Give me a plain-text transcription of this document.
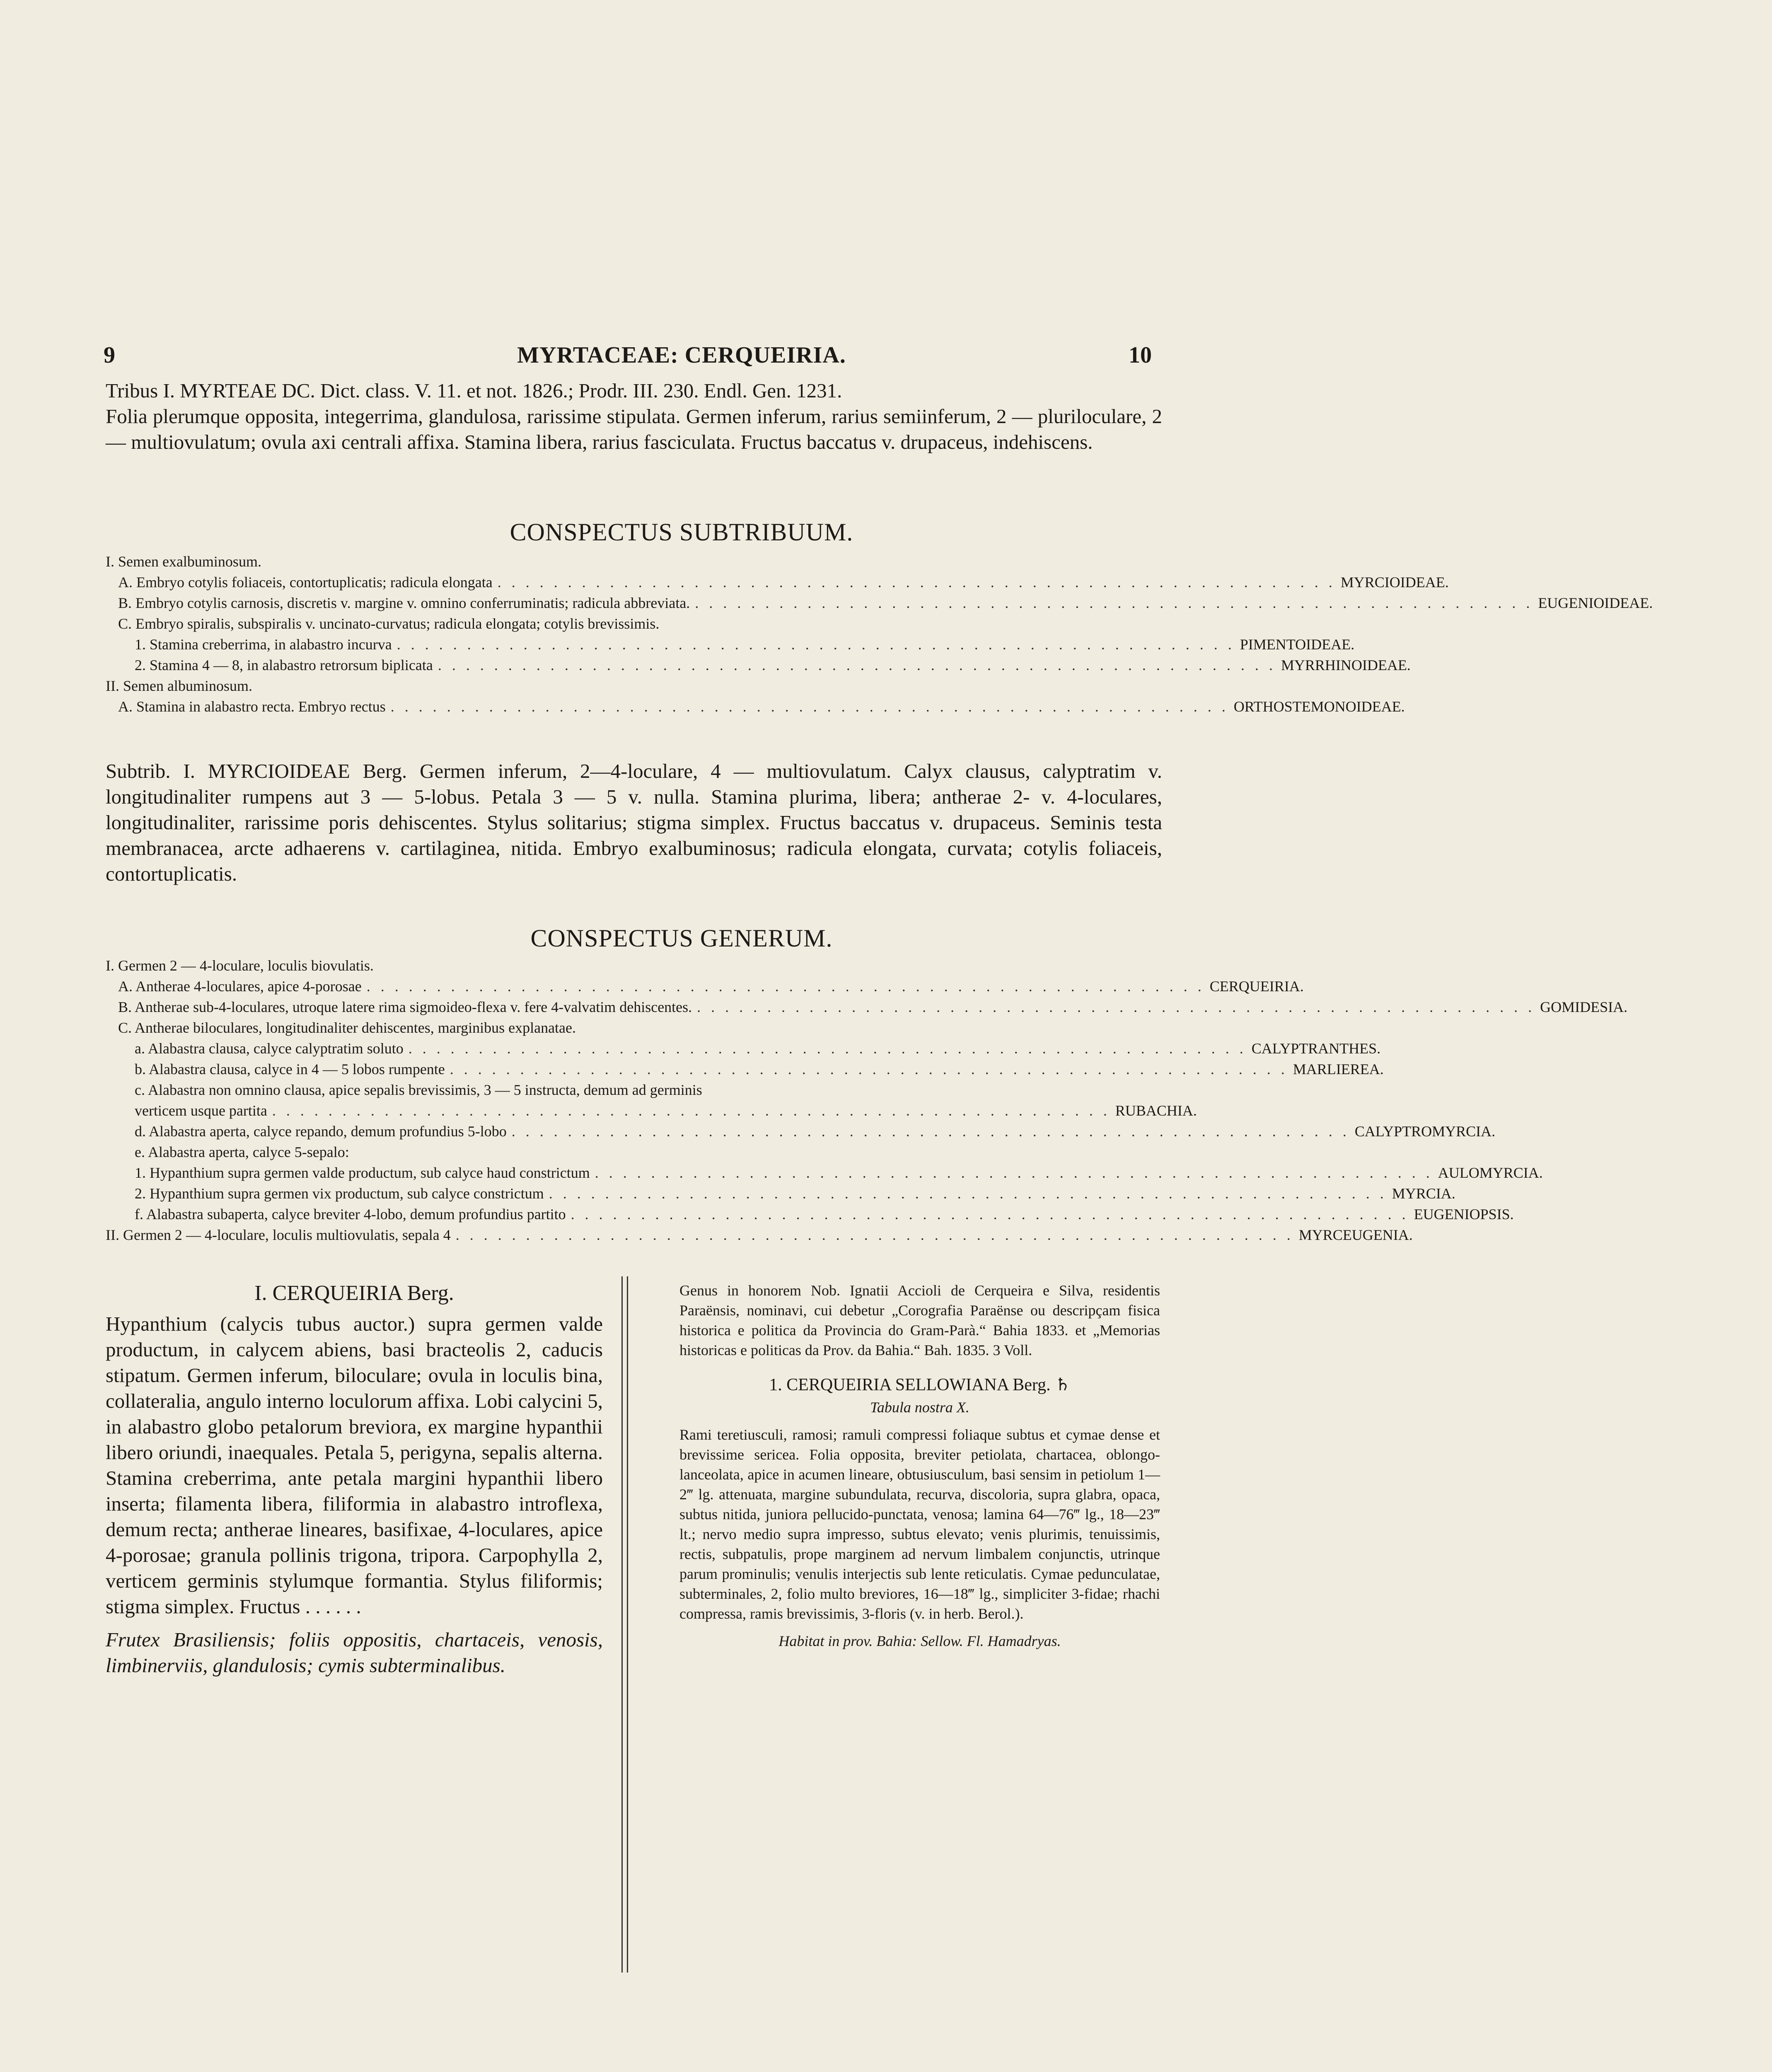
9	MYRTACEAE: CERQUEIRIA.	10
Tribus I. MYRTEAE DC. Dict. class. V. 11. et not. 1826.; Prodr. III. 230. Endl. Gen. 1231.
Folia plerumque opposita, integerrima, glandulosa, rarissime stipulata. Germen inferum, rarius semiinferum, 2 — pluriloculare, 2 — multiovulatum; ovula axi centrali affixa. Stamina libera, rarius fasciculata. Fructus baccatus v. drupaceus, indehiscens.
CONSPECTUS SUBTRIBUUM.
I. Semen exalbuminosum.
A. Embryo cotylis foliaceis, contortuplicatis; radicula elongata . . . . . . . . . . . . . . . . . . . . . . . . . . . . . . . . . . . . . . . . . . . . . . . . . . . . . . . . . . . . MYRCIOIDEAE.
B. Embryo cotylis carnosis, discretis v. margine v. omnino conferruminatis; radicula abbreviata. . . . . . . . . . . . . . . . . . . . . . . . . . . . . . . . . . . . . . . . . . . . . . . . . . . . . . . . . . . . . EUGENIOIDEAE.
C. Embryo spiralis, subspiralis v. uncinato-curvatus; radicula elongata; cotylis brevissimis.
1. Stamina creberrima, in alabastro incurva . . . . . . . . . . . . . . . . . . . . . . . . . . . . . . . . . . . . . . . . . . . . . . . . . . . . . . . . . . . . PIMENTOIDEAE.
2. Stamina 4 — 8, in alabastro retrorsum biplicata . . . . . . . . . . . . . . . . . . . . . . . . . . . . . . . . . . . . . . . . . . . . . . . . . . . . . . . . . . . . MYRRHINOIDEAE.
II. Semen albuminosum.
A. Stamina in alabastro recta. Embryo rectus . . . . . . . . . . . . . . . . . . . . . . . . . . . . . . . . . . . . . . . . . . . . . . . . . . . . . . . . . . . . ORTHOSTEMONOIDEAE.
Subtrib. I. MYRCIOIDEAE Berg. Germen inferum, 2—4-loculare, 4 — multiovulatum. Calyx clausus, calyptratim v. longitudinaliter rumpens aut 3 — 5-lobus. Petala 3 — 5 v. nulla. Stamina plurima, libera; antherae 2- v. 4-loculares, longitudinaliter, rarissime poris dehiscentes. Stylus solitarius; stigma simplex. Fructus baccatus v. drupaceus. Seminis testa membranacea, arcte adhaerens v. cartilaginea, nitida. Embryo exalbuminosus; radicula elongata, curvata; cotylis foliaceis, contortuplicatis.
CONSPECTUS GENERUM.
I. Germen 2 — 4-loculare, loculis biovulatis.
A. Antherae 4-loculares, apice 4-porosae . . . . . . . . . . . . . . . . . . . . . . . . . . . . . . . . . . . . . . . . . . . . . . . . . . . . . . . . . . . . CERQUEIRIA.
B. Antherae sub-4-loculares, utroque latere rima sigmoideo-flexa v. fere 4-valvatim dehiscentes. . . . . . . . . . . . . . . . . . . . . . . . . . . . . . . . . . . . . . . . . . . . . . . . . . . . . . . . . . . . . GOMIDESIA.
C. Antherae biloculares, longitudinaliter dehiscentes, marginibus explanatae.
a. Alabastra clausa, calyce calyptratim soluto . . . . . . . . . . . . . . . . . . . . . . . . . . . . . . . . . . . . . . . . . . . . . . . . . . . . . . . . . . . . CALYPTRANTHES.
b. Alabastra clausa, calyce in 4 — 5 lobos rumpente . . . . . . . . . . . . . . . . . . . . . . . . . . . . . . . . . . . . . . . . . . . . . . . . . . . . . . . . . . . . MARLIEREA.
c. Alabastra non omnino clausa, apice sepalis brevissimis, 3 — 5 instructa, demum ad germinis
verticem usque partita . . . . . . . . . . . . . . . . . . . . . . . . . . . . . . . . . . . . . . . . . . . . . . . . . . . . . . . . . . . . RUBACHIA.
d. Alabastra aperta, calyce repando, demum profundius 5-lobo . . . . . . . . . . . . . . . . . . . . . . . . . . . . . . . . . . . . . . . . . . . . . . . . . . . . . . . . . . . . CALYPTROMYRCIA.
e. Alabastra aperta, calyce 5-sepalo:
1. Hypanthium supra germen valde productum, sub calyce haud constrictum . . . . . . . . . . . . . . . . . . . . . . . . . . . . . . . . . . . . . . . . . . . . . . . . . . . . . . . . . . . . AULOMYRCIA.
2. Hypanthium supra germen vix productum, sub calyce constrictum . . . . . . . . . . . . . . . . . . . . . . . . . . . . . . . . . . . . . . . . . . . . . . . . . . . . . . . . . . . . MYRCIA.
f. Alabastra subaperta, calyce breviter 4-lobo, demum profundius partito . . . . . . . . . . . . . . . . . . . . . . . . . . . . . . . . . . . . . . . . . . . . . . . . . . . . . . . . . . . . EUGENIOPSIS.
II. Germen 2 — 4-loculare, loculis multiovulatis, sepala 4 . . . . . . . . . . . . . . . . . . . . . . . . . . . . . . . . . . . . . . . . . . . . . . . . . . . . . . . . . . . . MYRCEUGENIA.
I. CERQUEIRIA Berg.

Hypanthium (calycis tubus auctor.) supra germen valde productum, in calycem abiens, basi bracteolis 2, caducis stipatum. Germen inferum, biloculare; ovula in loculis bina, collateralia, angulo interno loculorum affixa. Lobi calycini 5, in alabastro globo petalorum breviora, ex margine hypanthii libero oriundi, inaequales. Petala 5, perigyna, sepalis alterna. Stamina creberrima, ante petala margini hypanthii libero inserta; filamenta libera, filiformia in alabastro introflexa, demum recta; antherae lineares, basifixae, 4-loculares, apice 4-porosae; granula pollinis trigona, tripora. Carpophylla 2, verticem germinis stylumque formantia. Stylus filiformis; stigma simplex. Fructus . . . . . .

Frutex Brasiliensis; foliis oppositis, chartaceis, venosis, limbinerviis, glandulosis; cymis subterminalibus.

Genus in honorem Nob. Ignatii Accioli de Cerqueira e Silva, residentis Paraënsis, nominavi, cui debetur „Corografia Paraënse ou descripçam fisica historica e politica da Provincia do Gram-Parà.“ Bahia 1833. et „Memorias historicas e politicas da Prov. da Bahia.“ Bah. 1835. 3 Voll.

1. CERQUEIRIA SELLOWIANA Berg. ♄

Tabula nostra X.

Rami teretiusculi, ramosi; ramuli compressi foliaque subtus et cymae dense et brevissime sericea. Folia opposita, breviter petiolata, chartacea, oblongo-lanceolata, apice in acumen lineare, obtusiusculum, basi sensim in petiolum 1—2‴ lg. attenuata, margine subundulata, recurva, discoloria, supra glabra, opaca, subtus nitida, juniora pellucido-punctata, venosa; lamina 64—76‴ lg., 18—23‴ lt.; nervo medio supra impresso, subtus elevato; venis plurimis, tenuissimis, rectis, subpatulis, prope marginem ad nervum limbalem conjunctis, utrinque parum prominulis; venulis interjectis sub lente reticulatis. Cymae pedunculatae, subterminales, 2, folio multo breviores, 16—18‴ lg., simpliciter 3-fidae; rhachi compressa, ramis brevissimis, 3-floris (v. in herb. Berol.).

Habitat in prov. Bahia: Sellow. Fl. Hamadryas.
